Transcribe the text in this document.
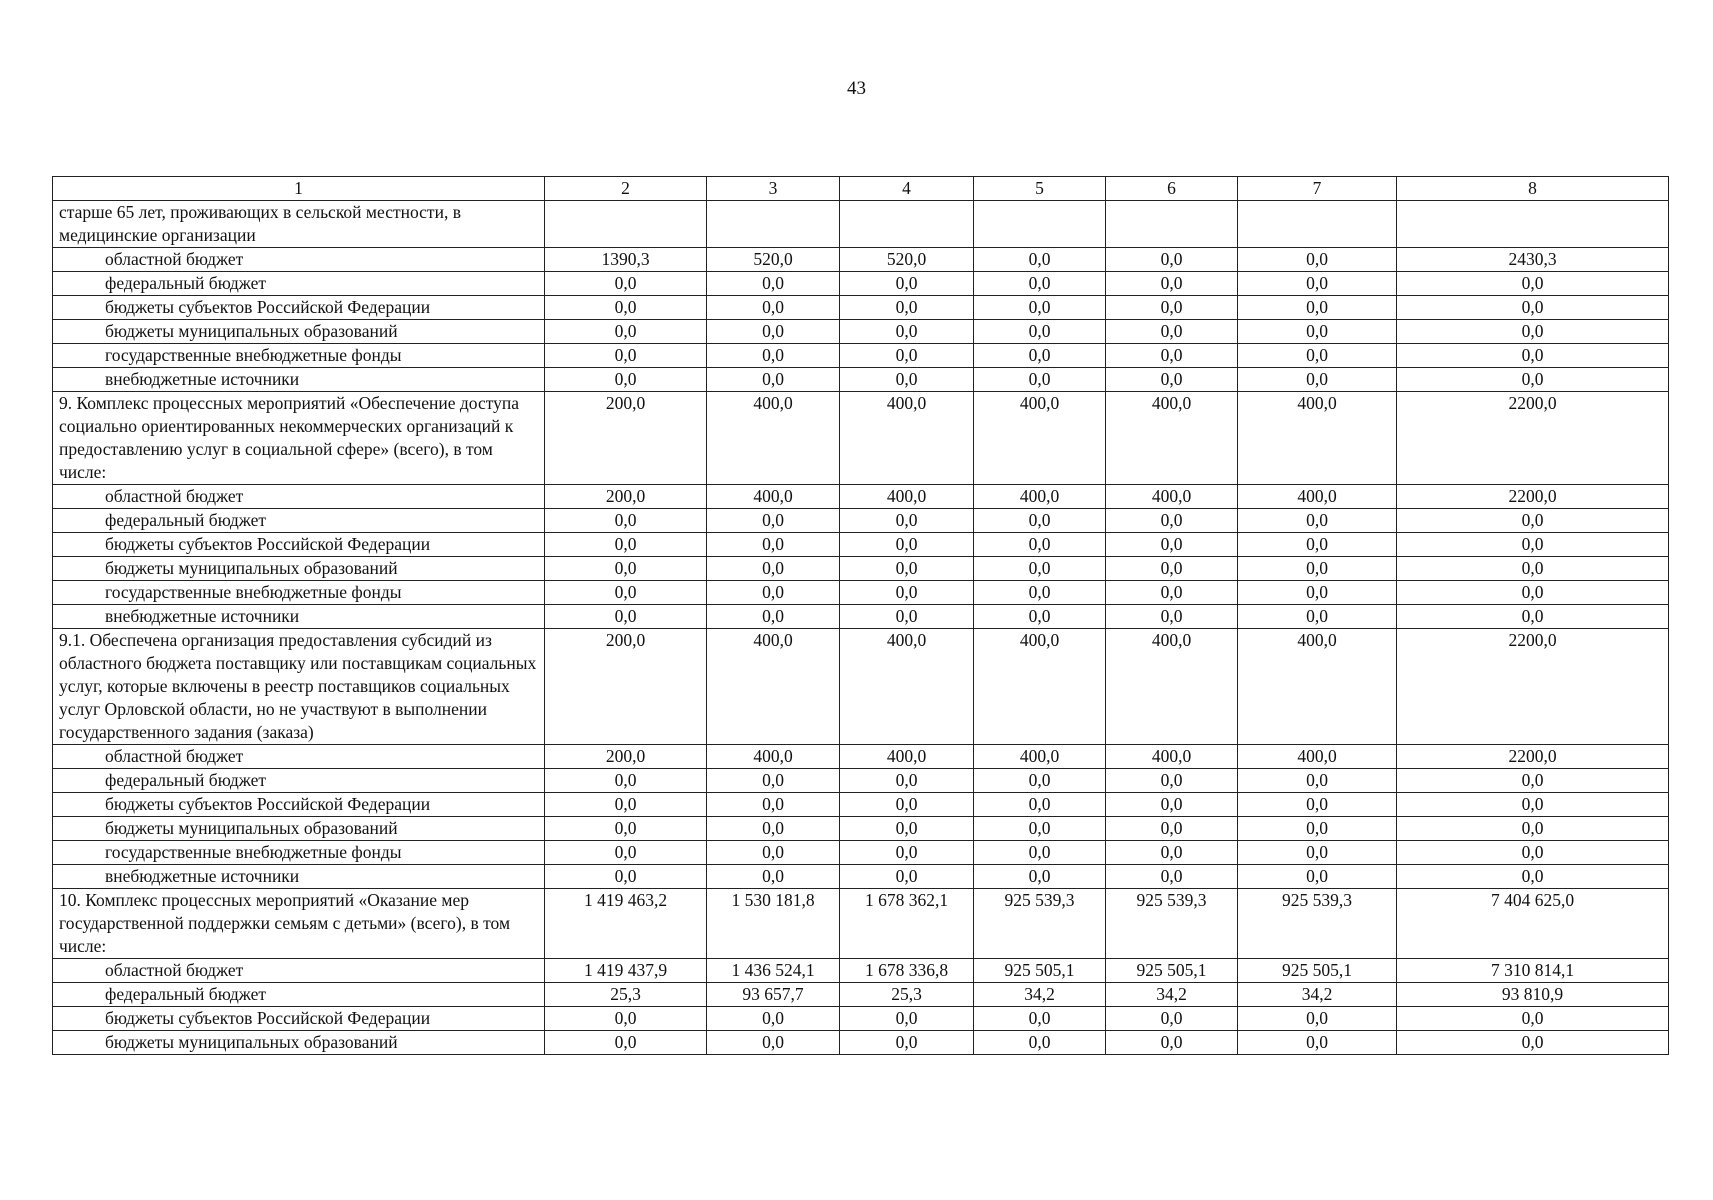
43
1	2	3	4	5	6	7	8
старше 65 лет, проживающих в сельской местности, в медицинские организации							
областной бюджет	1390,3	520,0	520,0	0,0	0,0	0,0	2430,3
федеральный бюджет	0,0	0,0	0,0	0,0	0,0	0,0	0,0
бюджеты субъектов Российской Федерации	0,0	0,0	0,0	0,0	0,0	0,0	0,0
бюджеты муниципальных образований	0,0	0,0	0,0	0,0	0,0	0,0	0,0
государственные внебюджетные фонды	0,0	0,0	0,0	0,0	0,0	0,0	0,0
внебюджетные источники	0,0	0,0	0,0	0,0	0,0	0,0	0,0
9. Комплекс процессных мероприятий «Обеспечение доступа социально ориентированных некоммерческих организаций к предоставлению услуг в социальной сфере» (всего), в том числе:	200,0	400,0	400,0	400,0	400,0	400,0	2200,0
областной бюджет	200,0	400,0	400,0	400,0	400,0	400,0	2200,0
федеральный бюджет	0,0	0,0	0,0	0,0	0,0	0,0	0,0
бюджеты субъектов Российской Федерации	0,0	0,0	0,0	0,0	0,0	0,0	0,0
бюджеты муниципальных образований	0,0	0,0	0,0	0,0	0,0	0,0	0,0
государственные внебюджетные фонды	0,0	0,0	0,0	0,0	0,0	0,0	0,0
внебюджетные источники	0,0	0,0	0,0	0,0	0,0	0,0	0,0
9.1. Обеспечена организация предоставления субсидий из областного бюджета поставщику или поставщикам социальных услуг, которые включены в реестр поставщиков социальных услуг Орловской области, но не участвуют в выполнении государственного задания (заказа)	200,0	400,0	400,0	400,0	400,0	400,0	2200,0
областной бюджет	200,0	400,0	400,0	400,0	400,0	400,0	2200,0
федеральный бюджет	0,0	0,0	0,0	0,0	0,0	0,0	0,0
бюджеты субъектов Российской Федерации	0,0	0,0	0,0	0,0	0,0	0,0	0,0
бюджеты муниципальных образований	0,0	0,0	0,0	0,0	0,0	0,0	0,0
государственные внебюджетные фонды	0,0	0,0	0,0	0,0	0,0	0,0	0,0
внебюджетные источники	0,0	0,0	0,0	0,0	0,0	0,0	0,0
10. Комплекс процессных мероприятий «Оказание мер государственной поддержки семьям с детьми» (всего), в том числе:	1 419 463,2	1 530 181,8	1 678 362,1	925 539,3	925 539,3	925 539,3	7 404 625,0
областной бюджет	1 419 437,9	1 436 524,1	1 678 336,8	925 505,1	925 505,1	925 505,1	7 310 814,1
федеральный бюджет	25,3	93 657,7	25,3	34,2	34,2	34,2	93 810,9
бюджеты субъектов Российской Федерации	0,0	0,0	0,0	0,0	0,0	0,0	0,0
бюджеты муниципальных образований	0,0	0,0	0,0	0,0	0,0	0,0	0,0
